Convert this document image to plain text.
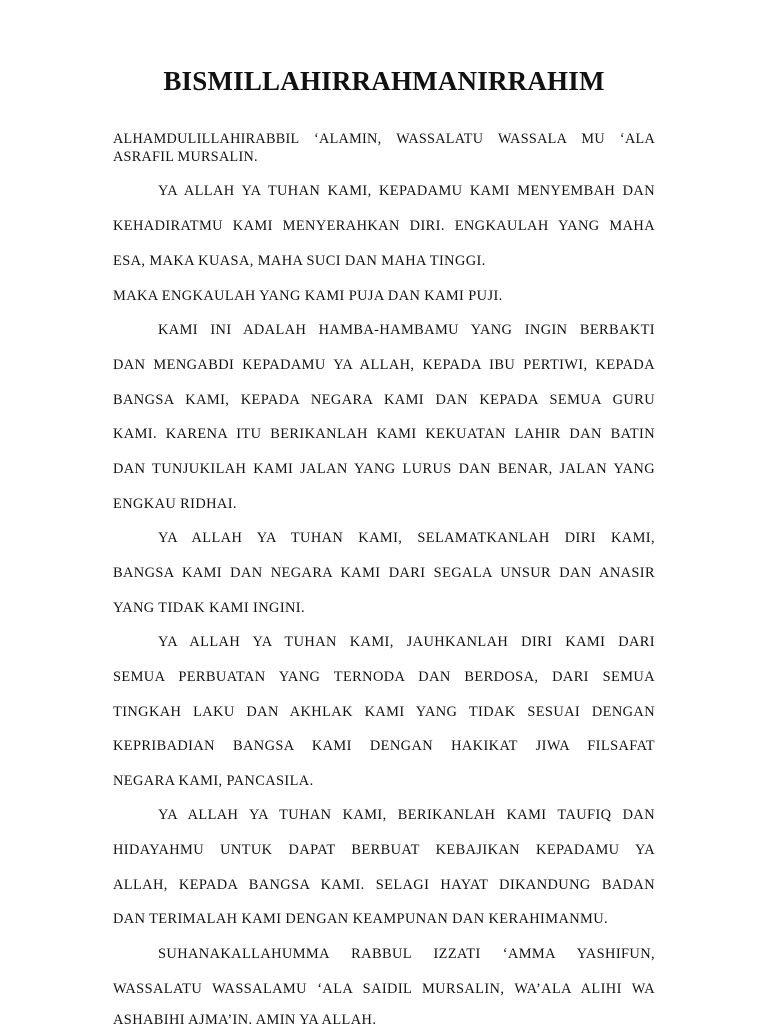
BISMILLAHIRRAHMANIRRAHIM

ALHAMDULILLAHIRABBIL ‘ALAMIN, WASSALATU WASSALA MU ‘ALA ASRAFIL MURSALIN.

YA ALLAH YA TUHAN KAMI, KEPADAMU KAMI MENYEMBAH DAN

KEHADIRATMU KAMI MENYERAHKAN DIRI. ENGKAULAH YANG MAHA

ESA, MAKA KUASA, MAHA SUCI DAN MAHA TINGGI.

MAKA ENGKAULAH YANG KAMI PUJA DAN KAMI PUJI.

KAMI INI ADALAH HAMBA-HAMBAMU YANG INGIN BERBAKTI

DAN MENGABDI KEPADAMU YA ALLAH, KEPADA IBU PERTIWI, KEPADA

BANGSA KAMI, KEPADA NEGARA KAMI DAN KEPADA SEMUA GURU

KAMI. KARENA ITU BERIKANLAH KAMI KEKUATAN LAHIR DAN BATIN

DAN TUNJUKILAH KAMI JALAN YANG LURUS DAN BENAR, JALAN YANG

ENGKAU RIDHAI.

YA ALLAH YA TUHAN KAMI, SELAMATKANLAH DIRI KAMI,

BANGSA KAMI DAN NEGARA KAMI DARI SEGALA UNSUR DAN ANASIR

YANG TIDAK KAMI INGINI.

YA ALLAH YA TUHAN KAMI, JAUHKANLAH DIRI KAMI DARI

SEMUA PERBUATAN YANG TERNODA DAN BERDOSA, DARI SEMUA

TINGKAH LAKU DAN AKHLAK KAMI YANG TIDAK SESUAI DENGAN

KEPRIBADIAN BANGSA KAMI DENGAN HAKIKAT JIWA FILSAFAT

NEGARA KAMI, PANCASILA.

YA ALLAH YA TUHAN KAMI, BERIKANLAH KAMI TAUFIQ DAN

HIDAYAHMU UNTUK DAPAT BERBUAT KEBAJIKAN KEPADAMU YA

ALLAH, KEPADA BANGSA KAMI. SELAGI HAYAT DIKANDUNG BADAN

DAN TERIMALAH KAMI DENGAN KEAMPUNAN DAN KERAHIMANMU.

SUHANAKALLAHUMMA RABBUL IZZATI ‘AMMA YASHIFUN,

WASSALATU WASSALAMU ‘ALA SAIDIL MURSALIN, WA’ALA ALIHI WA

ASHABIHI AJMA’IN. AMIN YA ALLAH.
